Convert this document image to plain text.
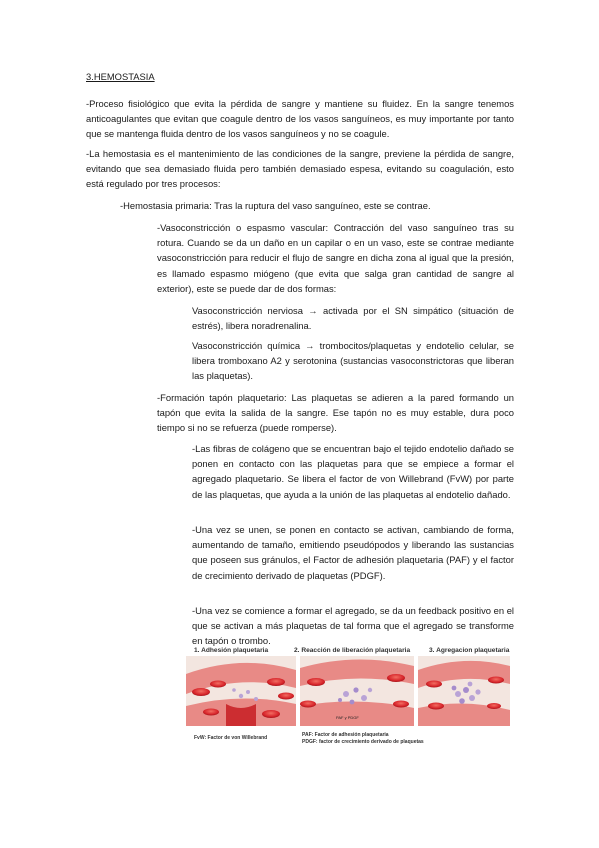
3.HEMOSTASIA

-Proceso fisiológico que evita la pérdida de sangre y mantiene su fluidez. En la sangre tenemos anticoagulantes que evitan que coagule dentro de los vasos sanguíneos, es muy importante por tanto que se mantenga fluida dentro de los vasos sanguíneos y no se coagule.

-La hemostasia es el mantenimiento de las condiciones de la sangre, previene la pérdida de sangre, evitando que sea demasiado fluida pero también demasiado espesa, evitando su coagulación, esto está regulado por tres procesos:

-Hemostasia primaria: Tras la ruptura del vaso sanguíneo, este se contrae.

-Vasoconstricción o espasmo vascular: Contracción del vaso sanguíneo tras su rotura. Cuando se da un daño en un capilar o en un vaso, este se contrae mediante vasoconstricción para reducir el flujo de sangre en dicha zona al igual que la presión, es llamado espasmo miógeno (que evita que salga gran cantidad de sangre al exterior), este se puede dar de dos formas:

Vasoconstricción nerviosa → activada por el SN simpático (situación de estrés), libera noradrenalina.

Vasoconstricción química → trombocitos/plaquetas y endotelio celular, se libera tromboxano A2 y serotonina (sustancias vasoconstrictoras que liberan las plaquetas).

-Formación tapón plaquetario: Las plaquetas se adieren a la pared formando un tapón que evita la salida de la sangre. Ese tapón no es muy estable, dura poco tiempo si no se refuerza (puede romperse).

-Las fibras de colágeno que se encuentran bajo el tejido endotelio dañado se ponen en contacto con las plaquetas para que se empiece a formar el agregado plaquetario. Se libera el factor de von Willebrand (FvW) por parte de las plaquetas, que ayuda a la unión de las plaquetas al endotelio dañado.

-Una vez se unen, se ponen en contacto se activan, cambiando de forma, aumentando de tamaño, emitiendo pseudópodos y liberando las sustancias que poseen sus gránulos, el Factor de adhesión plaquetaria (PAF) y el factor de crecimiento derivado de plaquetas (PDGF).

-Una vez se comience a formar el agregado, se da un feedback positivo en el que se activan a más plaquetas de tal forma que el agregado se transforme en tapón o trombo.

1. Adhesión plaquetaria	2. Reacción de liberación plaquetaria	3. Agregacion plaquetaria
PAF y PDGF
FvW: Factor de von Willebrand	PAF: Factor de adhesión plaquetaria
PDGF: factor de crecimiento derivado de plaquetas
